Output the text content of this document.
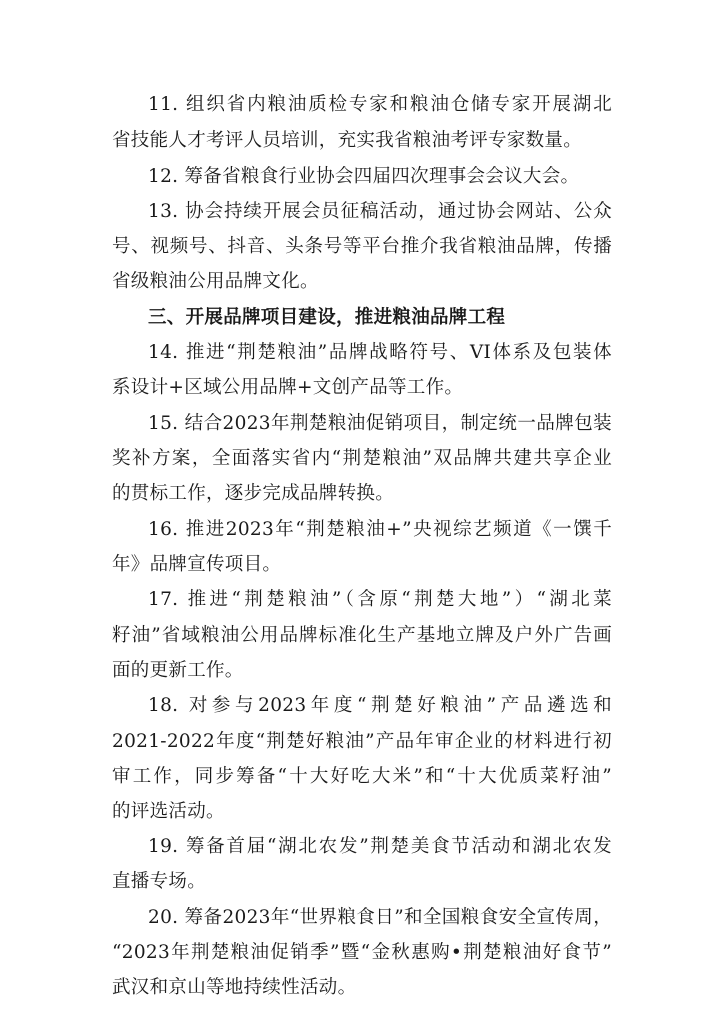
11. 组织省内粮油质检专家和粮油仓储专家开展湖北
省技能人才考评人员培训，充实我省粮油考评专家数量。
12. 筹备省粮食行业协会四届四次理事会会议大会。
13. 协会持续开展会员征稿活动，通过协会网站、公众
号、视频号、抖音、头条号等平台推介我省粮油品牌，传播
省级粮油公用品牌文化。
三、开展品牌项目建设，推进粮油品牌工程
14. 推进“荆楚粮油”品牌战略符号、VI体系及包装体
系设计+区域公用品牌+文创产品等工作。
15. 结合2023年荆楚粮油促销项目，制定统一品牌包装
奖补方案，全面落实省内“荆楚粮油”双品牌共建共享企业
的贯标工作，逐步完成品牌转换。
16. 推进2023年“荆楚粮油+”央视综艺频道《一馔千
年》品牌宣传项目。
17. 推进“荆楚粮油”（含原“荆楚大地”）“湖北菜
籽油”省域粮油公用品牌标准化生产基地立牌及户外广告画
面的更新工作。
18. 对参与2023年度“荆楚好粮油”产品遴选和
2021-2022年度“荆楚好粮油”产品年审企业的材料进行初
审工作，同步筹备“十大好吃大米”和“十大优质菜籽油”
的评选活动。
19. 筹备首届“湖北农发”荆楚美食节活动和湖北农发
直播专场。
20. 筹备2023年“世界粮食日”和全国粮食安全宣传周，
“2023年荆楚粮油促销季”暨“金秋惠购•荆楚粮油好食节”
武汉和京山等地持续性活动。
